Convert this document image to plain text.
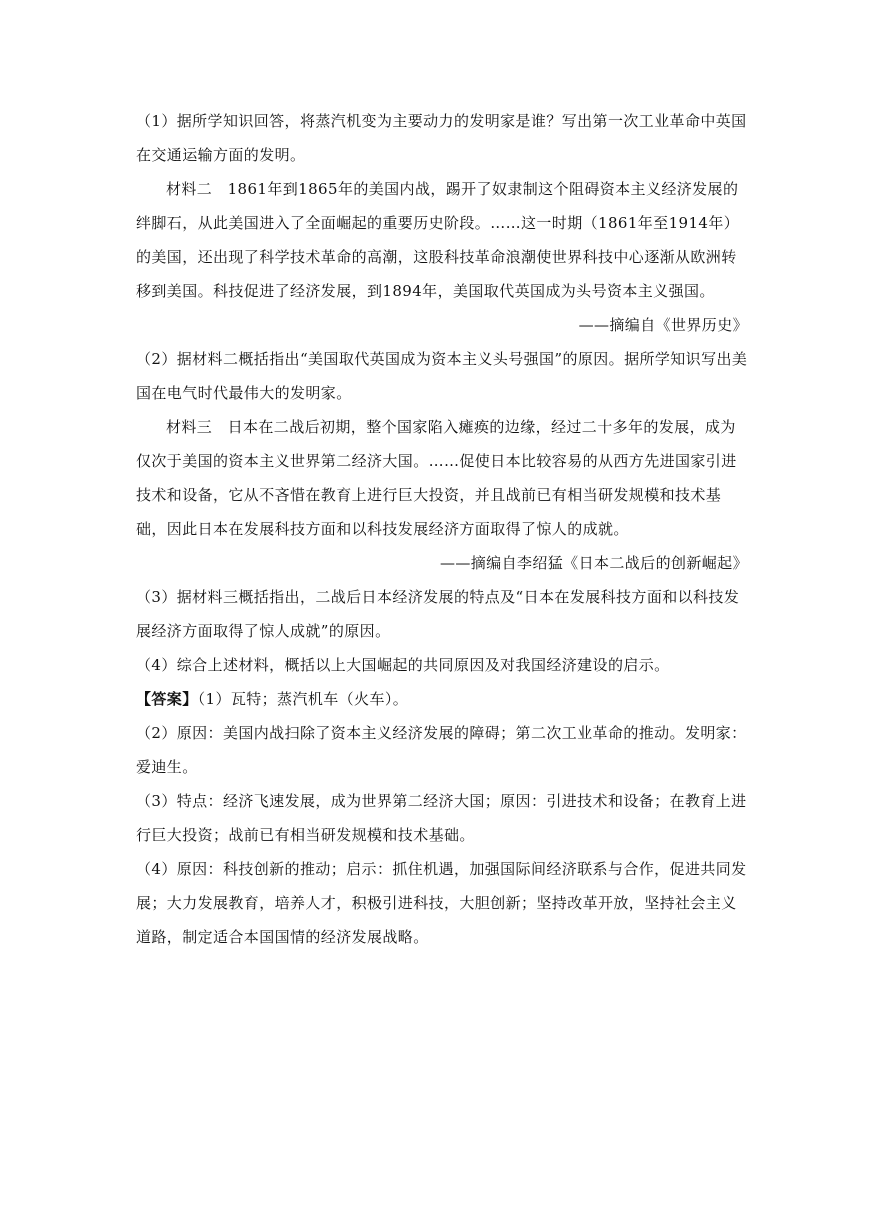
（1）据所学知识回答，将蒸汽机变为主要动力的发明家是谁？写出第一次工业革命中英国在交通运输方面的发明。

材料二　1861年到1865年的美国内战，踢开了奴隶制这个阻碍资本主义经济发展的绊脚石，从此美国进入了全面崛起的重要历史阶段。……这一时期（1861年至1914年）的美国，还出现了科学技术革命的高潮，这股科技革命浪潮使世界科技中心逐渐从欧洲转移到美国。科技促进了经济发展，到1894年，美国取代英国成为头号资本主义强国。

——摘编自《世界历史》

（2）据材料二概括指出“美国取代英国成为资本主义头号强国”的原因。据所学知识写出美国在电气时代最伟大的发明家。

材料三　日本在二战后初期，整个国家陷入瘫痪的边缘，经过二十多年的发展，成为仅次于美国的资本主义世界第二经济大国。……促使日本比较容易的从西方先进国家引进技术和设备，它从不吝惜在教育上进行巨大投资，并且战前已有相当研发规模和技术基础，因此日本在发展科技方面和以科技发展经济方面取得了惊人的成就。

——摘编自李绍猛《日本二战后的创新崛起》

（3）据材料三概括指出，二战后日本经济发展的特点及“日本在发展科技方面和以科技发展经济方面取得了惊人成就”的原因。

（4）综合上述材料，概括以上大国崛起的共同原因及对我国经济建设的启示。

【答案】（1）瓦特；蒸汽机车（火车）。

（2）原因：美国内战扫除了资本主义经济发展的障碍；第二次工业革命的推动。发明家：爱迪生。

（3）特点：经济飞速发展，成为世界第二经济大国；原因：引进技术和设备；在教育上进行巨大投资；战前已有相当研发规模和技术基础。

（4）原因：科技创新的推动；启示：抓住机遇，加强国际间经济联系与合作，促进共同发展；大力发展教育，培养人才，积极引进科技，大胆创新；坚持改革开放，坚持社会主义道路，制定适合本国国情的经济发展战略。
